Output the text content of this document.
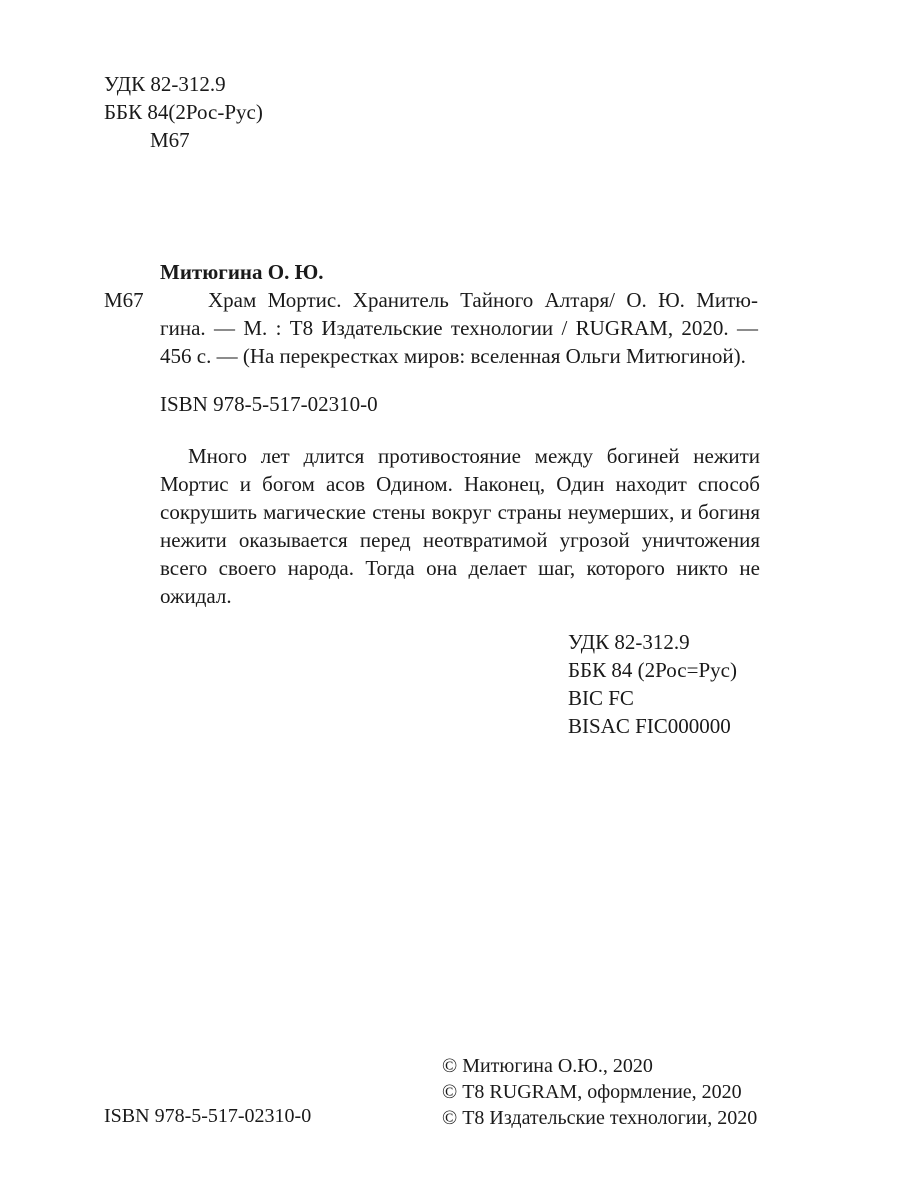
УДК 82-312.9
ББК 84(2Рос-Рус)
М67
Митюгина О. Ю.
М67	Храм Мортис. Хранитель Тайного Алтаря/ О. Ю. Митю-
гина. — М. : Т8 Издательские технологии / RUGRAM, 2020. —
456 с. — (На перекрестках миров: вселенная Ольги Митюгиной).
ISBN 978-5-517-02310-0

Много лет длится противостояние между богиней нежити Мортис и богом асов Одином. Наконец, Один находит способ сокрушить магические стены вокруг страны неумерших, и богиня нежити оказывается перед неотвратимой угрозой уничтожения всего своего народа. Тогда она делает шаг, которого никто не ожидал.

УДК 82-312.9
ББК 84 (2Рос=Рус)
BIC FC
BISAC FIC000000
ISBN 978-5-517-02310-0
© Митюгина О.Ю., 2020
© Т8 RUGRAM, оформление, 2020
© Т8 Издательские технологии, 2020
